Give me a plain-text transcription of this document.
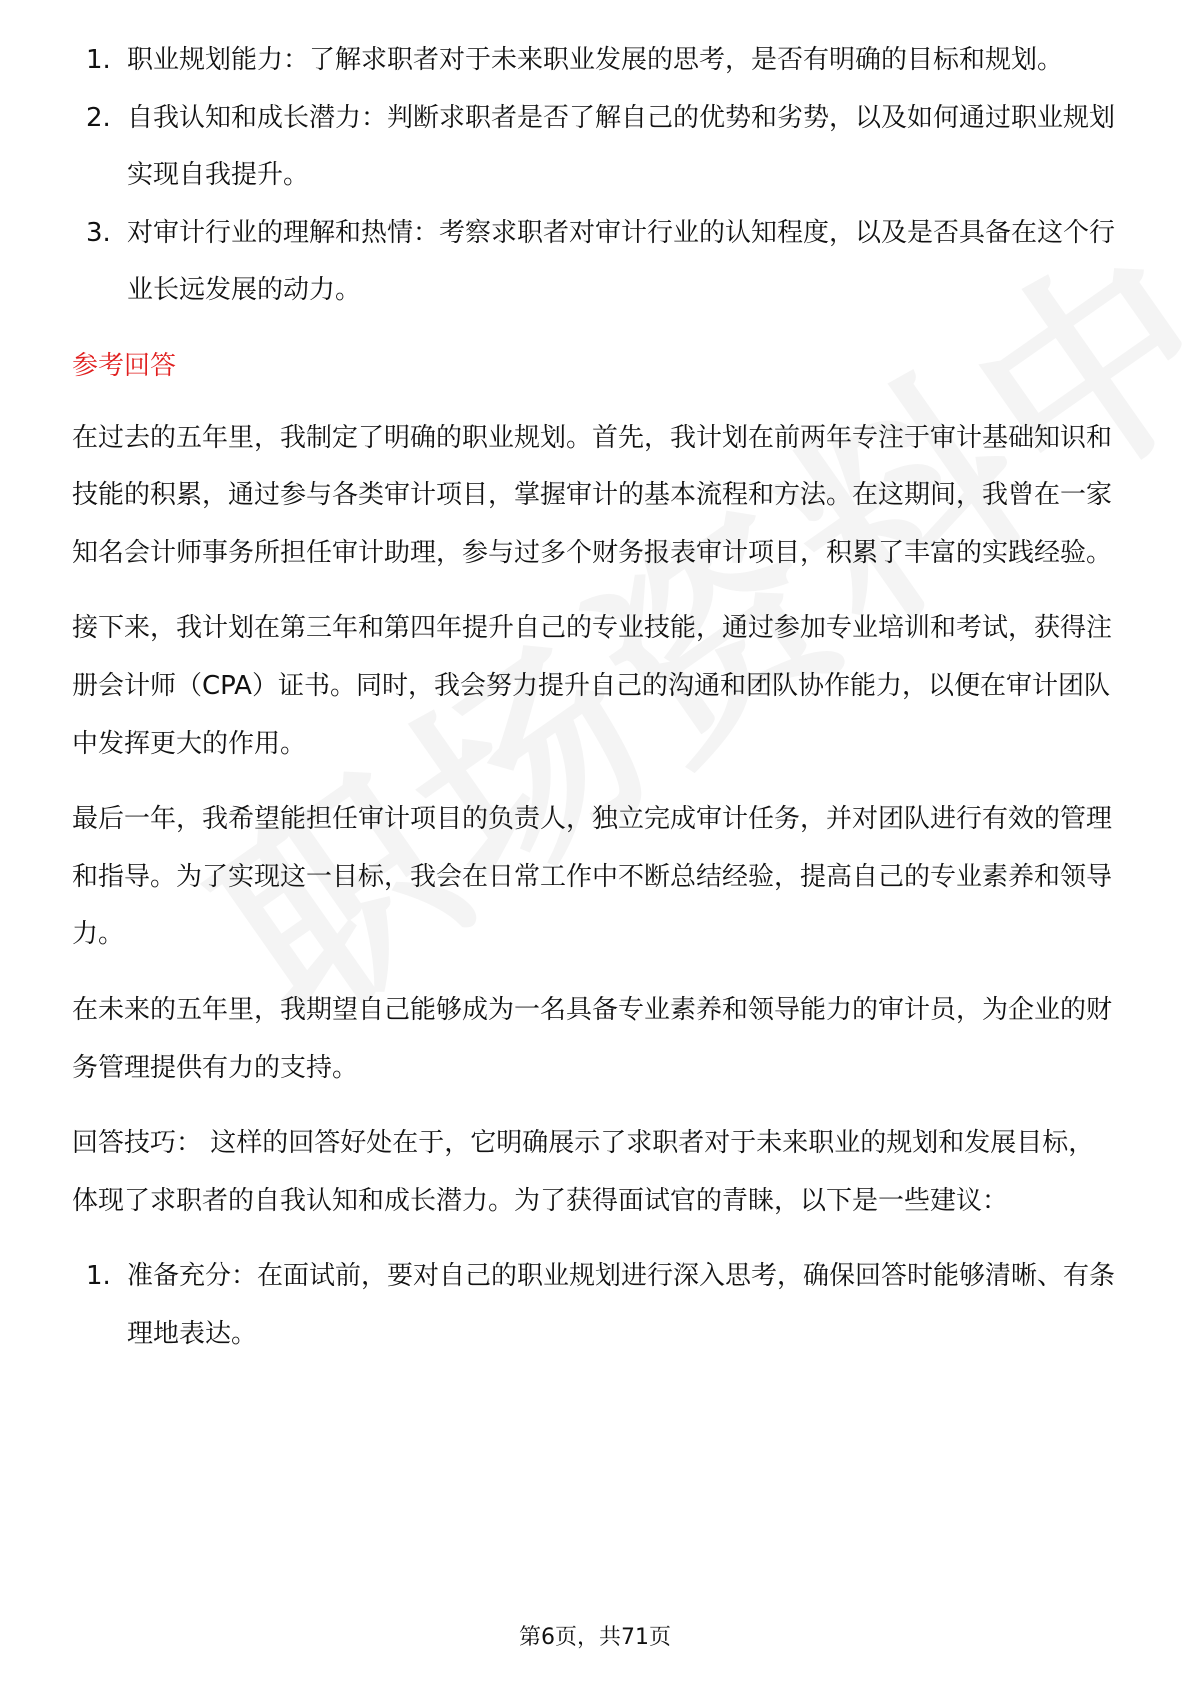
1. 职业规划能力：了解求职者对于未来职业发展的思考，是否有明确的目标和规划。
2. 自我认知和成长潜力：判断求职者是否了解自己的优势和劣势，以及如何通过职业规划实现自我提升。
3. 对审计行业的理解和热情：考察求职者对审计行业的认知程度，以及是否具备在这个行业长远发展的动力。

参考回答

在过去的五年里，我制定了明确的职业规划。首先，我计划在前两年专注于审计基础知识和技能的积累，通过参与各类审计项目，掌握审计的基本流程和方法。在这期间，我曾在一家知名会计师事务所担任审计助理，参与过多个财务报表审计项目，积累了丰富的实践经验。

接下来，我计划在第三年和第四年提升自己的专业技能，通过参加专业培训和考试，获得注册会计师（CPA）证书。同时，我会努力提升自己的沟通和团队协作能力，以便在审计团队中发挥更大的作用。

最后一年，我希望能担任审计项目的负责人，独立完成审计任务，并对团队进行有效的管理和指导。为了实现这一目标，我会在日常工作中不断总结经验，提高自己的专业素养和领导力。

在未来的五年里，我期望自己能够成为一名具备专业素养和领导能力的审计员，为企业的财务管理提供有力的支持。

回答技巧： 这样的回答好处在于，它明确展示了求职者对于未来职业的规划和发展目标，体现了求职者的自我认知和成长潜力。为了获得面试官的青睐，以下是一些建议：

1. 准备充分：在面试前，要对自己的职业规划进行深入思考，确保回答时能够清晰、有条理地表达。
第6页，共71页
